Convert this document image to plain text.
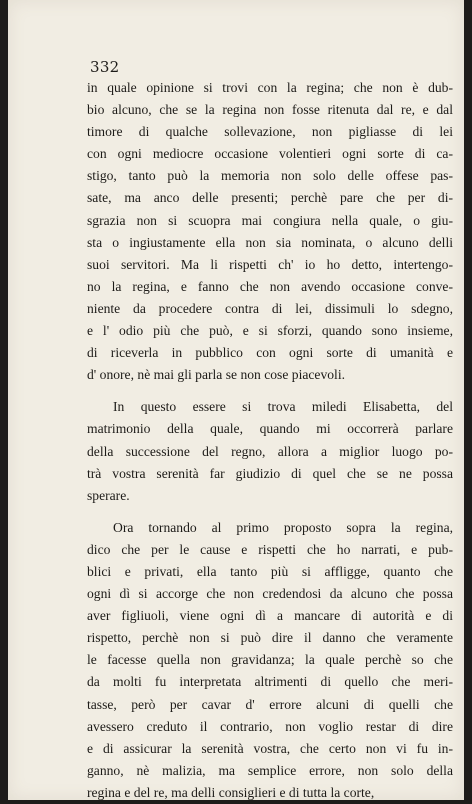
332
in quale opinione si trovi con la regina; che non è dub-
bio alcuno, che se la regina non fosse ritenuta dal re, e dal
timore di qualche sollevazione, non pigliasse di lei
con ogni mediocre occasione volentieri ogni sorte di ca-
stigo, tanto può la memoria non solo delle offese pas-
sate, ma anco delle presenti; perchè pare che per di-
sgrazia non si scuopra mai congiura nella quale, o giu-
sta o ingiustamente ella non sia nominata, o alcuno delli
suoi servitori. Ma li rispetti ch' io ho detto, intertengo-
no la regina, e fanno che non avendo occasione conve-
niente da procedere contra di lei, dissimuli lo sdegno,
e l' odio più che può, e si sforzi, quando sono insieme,
di riceverla in pubblico con ogni sorte di umanità e
d' onore, nè mai gli parla se non cose piacevoli.
In questo essere si trova miledi Elisabetta, del
matrimonio della quale, quando mi occorrerà parlare
della successione del regno, allora a miglior luogo po-
trà vostra serenità far giudizio di quel che se ne possa
sperare.
Ora tornando al primo proposto sopra la regina,
dico che per le cause e rispetti che ho narrati, e pub-
blici e privati, ella tanto più si affligge, quanto che
ogni dì si accorge che non credendosi da alcuno che possa
aver figliuoli, viene ogni dì a mancare di autorità e di
rispetto, perchè non si può dire il danno che veramente
le facesse quella non gravidanza; la quale perchè so che
da molti fu interpretata altrimenti di quello che meri-
tasse, però per cavar d' errore alcuni di quelli che
avessero creduto il contrario, non voglio restar di dire
e di assicurar la serenità vostra, che certo non vi fu in-
ganno, nè malizia, ma semplice errore, non solo della
regina e del re, ma delli consiglieri e di tutta la corte,
